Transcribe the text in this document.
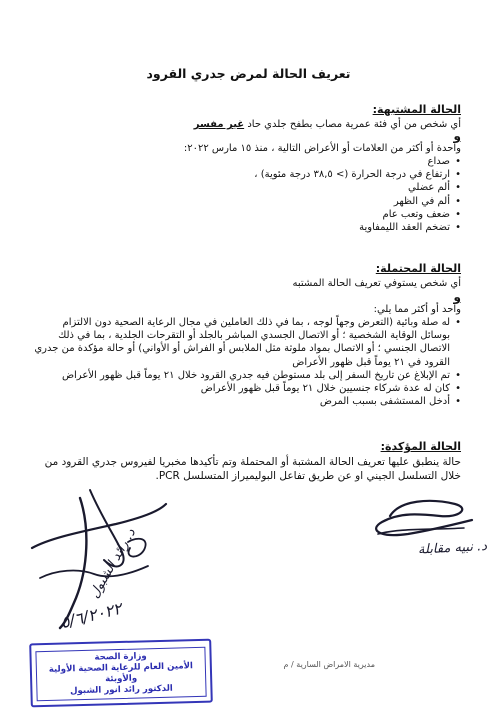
تعريف الحالة لمرض جدري القرود
الحالة المشتبهة:

أي شخص من أي فئة عمرية مصاب بطفح جلدي حاد غير مفسر

و

واحدة أو أكثر من العلامات أو الأعراض التالية ، منذ ١٥ مارس ٢٠٢٢:

• صداع
• ارتفاع في درجة الحرارة (> ٣٨,٥ درجة مئوية) ،
• ألم عضلي
• ألم في الظهر
• ضعف وتعب عام
• تضخم العقد الليمفاوية
الحالة المحتملة:

أي شخص يستوفي تعريف الحالة المشتبه

و

واحد أو أكثر مما يلي:

• له صلة وبائية (التعرض وجهاً لوجه ، بما في ذلك العاملين في مجال الرعاية الصحية دون الالتزام بوسائل الوقاية الشخصية ؛ أو الاتصال الجسدي المباشر بالجلد أو التقرحات الجلدية ، بما في ذلك الاتصال الجنسي ؛ أو الاتصال بمواد ملوثة مثل الملابس أو الفراش أو الأواني) أو حالة مؤكدة من جدري القرود في ٢١ يوماً قبل ظهور الأعراض
• تم الإبلاغ عن تاريخ السفر إلى بلد مستوطن فيه جدري القرود خلال ٢١ يوماً قبل ظهور الأعراض
• كان له عدة شركاء جنسيين خلال ٢١ يوماً قبل ظهور الأعراض
• أدخل المستشفى بسبب المرض
الحالة المؤكدة:

حالة ينطبق عليها تعريف الحالة المشتبة أو المحتملة وتم تأكيدها مخبريا لفيروس جدري القرود من خلال التسلسل الجيني او عن طريق تفاعل البوليميراز المتسلسل PCR.

د. نبيه مقابلة
د. رائد الشبول
٥/٦/٢٠٢٢
مديرية الامراض السارية / م
وزارة الصحة
الأمين العام للرعاية الصحية الأولية والأوبئة
الدكتور رائد انور الشبول
